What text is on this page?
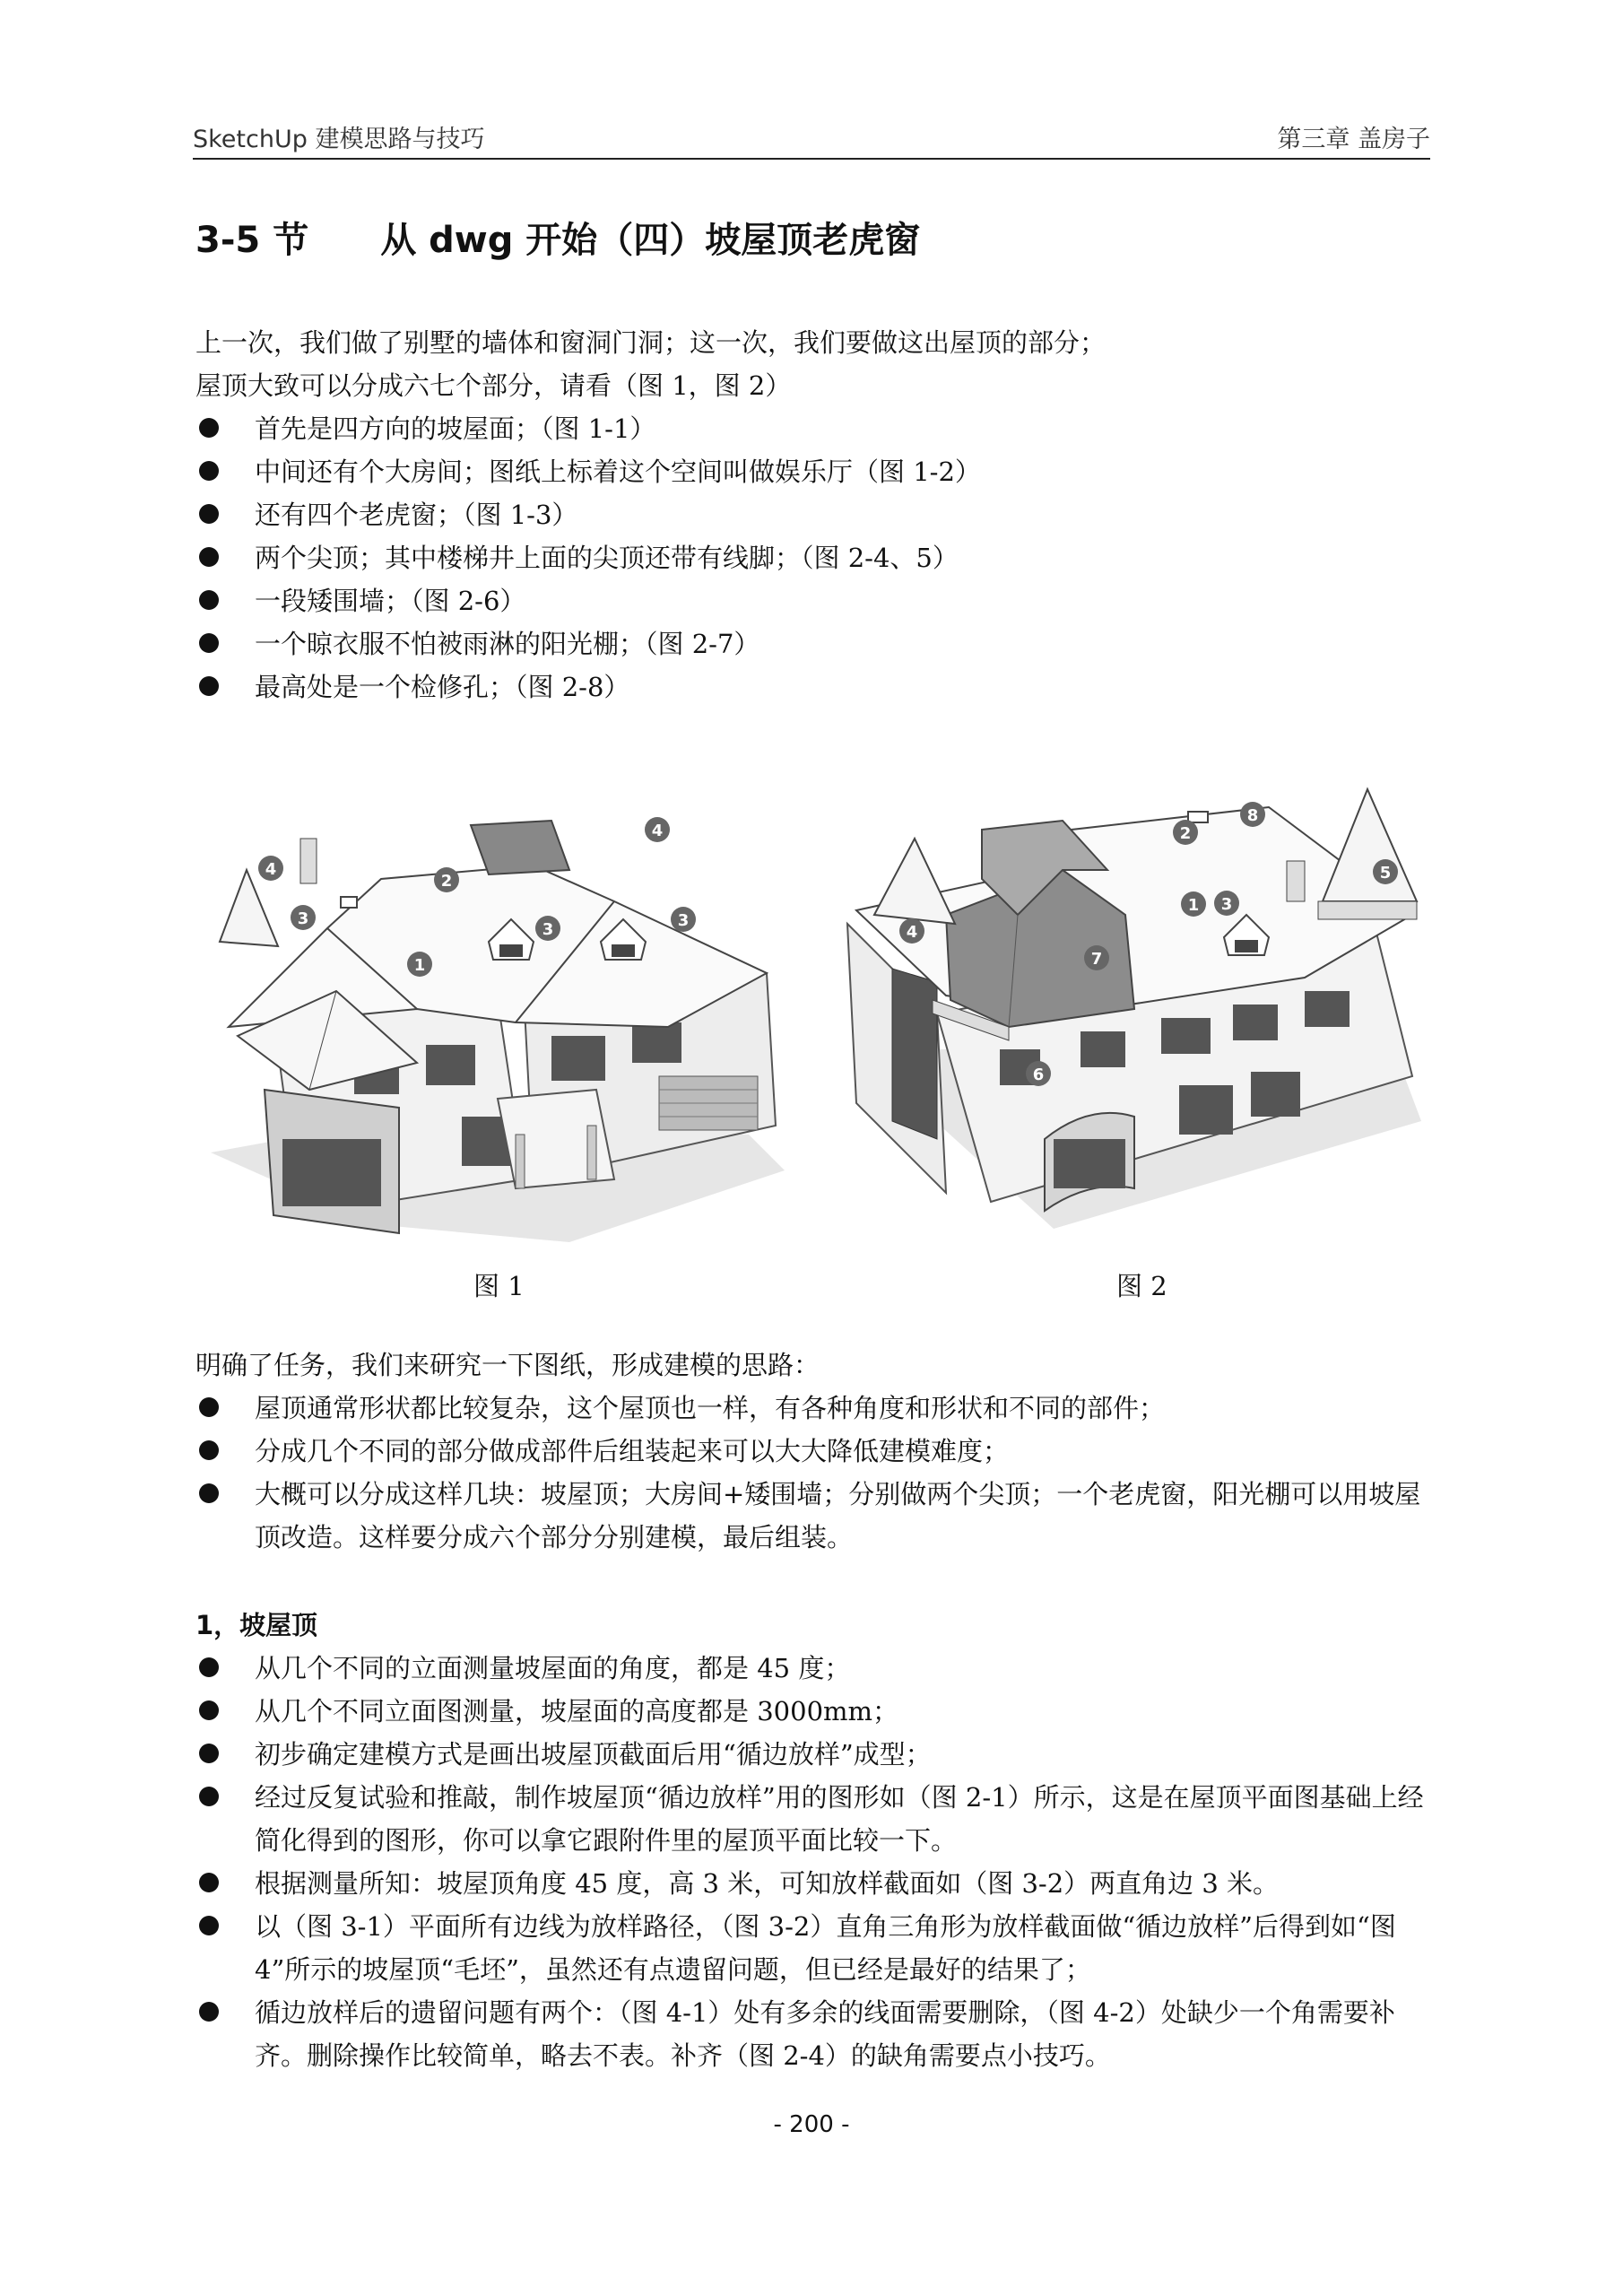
SketchUp 建模思路与技巧	第三章 盖房子
3-5 节　　从 dwg 开始（四）坡屋顶老虎窗
上一次，我们做了别墅的墙体和窗洞门洞；这一次，我们要做这出屋顶的部分；
屋顶大致可以分成六七个部分，请看（图 1，图 2）
首先是四方向的坡屋面；（图 1-1）
中间还有个大房间；图纸上标着这个空间叫做娱乐厅（图 1-2）
还有四个老虎窗；（图 1-3）
两个尖顶；其中楼梯井上面的尖顶还带有线脚；（图 2-4、5）
一段矮围墙；（图 2-6）
一个晾衣服不怕被雨淋的阳光棚；（图 2-7）
最高处是一个检修孔；（图 2-8）
1
2
3
3	3
4
4
图 1
1
2
3
4
5
6
7
8
图 2
明确了任务，我们来研究一下图纸，形成建模的思路：
屋顶通常形状都比较复杂，这个屋顶也一样，有各种角度和形状和不同的部件；
分成几个不同的部分做成部件后组装起来可以大大降低建模难度；
大概可以分成这样几块：坡屋顶；大房间+矮围墙；分别做两个尖顶；一个老虎窗，阳光棚可以用坡屋顶改造。这样要分成六个部分分别建模，最后组装。
1，坡屋顶
从几个不同的立面测量坡屋面的角度，都是 45 度；
从几个不同立面图测量，坡屋面的高度都是 3000mm；
初步确定建模方式是画出坡屋顶截面后用“循边放样”成型；
经过反复试验和推敲，制作坡屋顶“循边放样”用的图形如（图 2-1）所示，这是在屋顶平面图基础上经简化得到的图形，你可以拿它跟附件里的屋顶平面比较一下。
根据测量所知：坡屋顶角度 45 度，高 3 米，可知放样截面如（图 3-2）两直角边 3 米。
以（图 3-1）平面所有边线为放样路径，（图 3-2）直角三角形为放样截面做“循边放样”后得到如“图 4”所示的坡屋顶“毛坯”，虽然还有点遗留问题，但已经是最好的结果了；
循边放样后的遗留问题有两个：（图 4-1）处有多余的线面需要删除，（图 4-2）处缺少一个角需要补齐。删除操作比较简单，略去不表。补齐（图 2-4）的缺角需要点小技巧。
- 200 -
